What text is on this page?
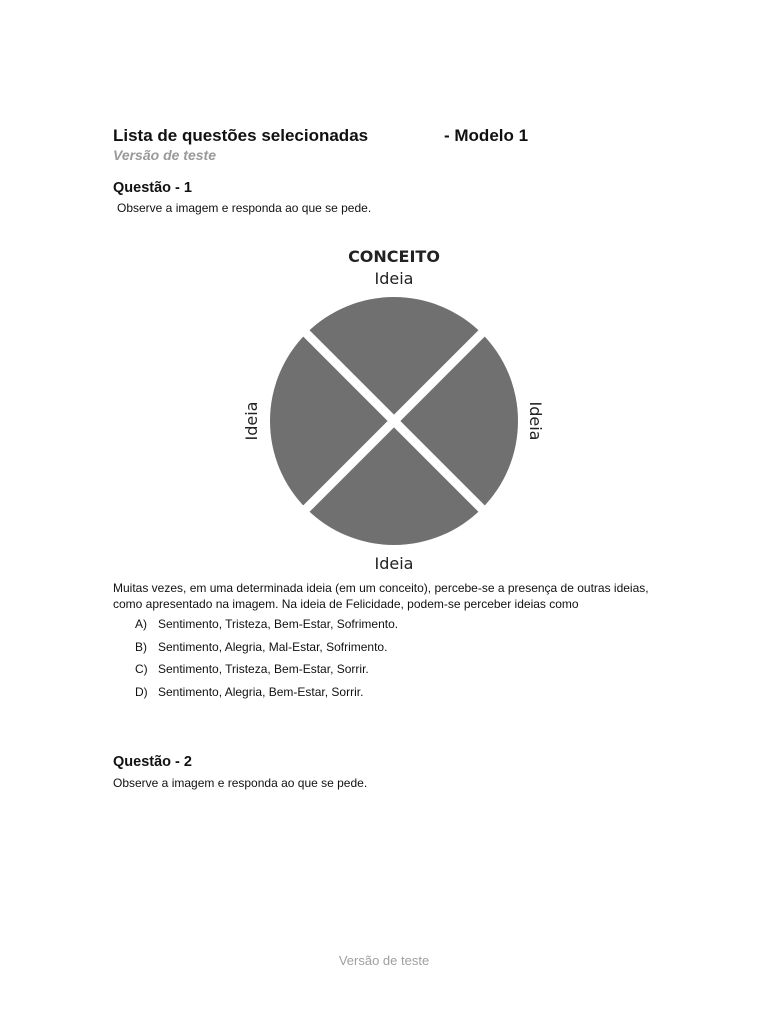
Lista de questões selecionadas	- Modelo 1
Versão de teste
Questão - 1
Observe a imagem e responda ao que se pede.
CONCEITO
Ideia
Ideia	Ideia
Ideia
Muitas vezes, em uma determinada ideia (em um conceito), percebe-se a presença de outras ideias, como apresentado na imagem. Na ideia de Felicidade, podem-se perceber ideias como
A) Sentimento, Tristeza, Bem-Estar, Sofrimento.
B) Sentimento, Alegria, Mal-Estar, Sofrimento.
C) Sentimento, Tristeza, Bem-Estar, Sorrir.
D) Sentimento, Alegria, Bem-Estar, Sorrir.
Questão - 2
Observe a imagem e responda ao que se pede.
Versão de teste
